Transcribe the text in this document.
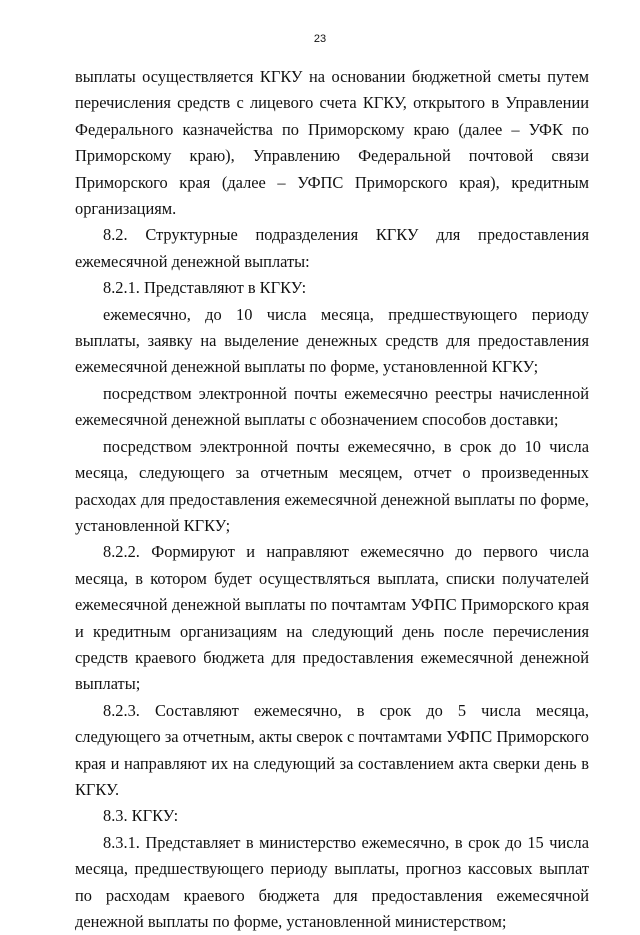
23

выплаты осуществляется КГКУ на основании бюджетной сметы путем перечисления средств с лицевого счета КГКУ, открытого в Управлении Федерального казначейства по Приморскому краю (далее – УФК по Приморскому краю), Управлению Федеральной почтовой связи Приморского края (далее – УФПС Приморского края), кредитным организациям.

8.2. Структурные подразделения КГКУ для предоставления ежемесячной денежной выплаты:

8.2.1. Представляют в КГКУ:

ежемесячно, до 10 числа месяца, предшествующего периоду выплаты, заявку на выделение денежных средств для предоставления ежемесячной денежной выплаты по форме, установленной КГКУ;

посредством электронной почты ежемесячно реестры начисленной ежемесячной денежной выплаты с обозначением способов доставки;

посредством электронной почты ежемесячно, в срок до 10 числа месяца, следующего за отчетным месяцем, отчет о произведенных расходах для предоставления ежемесячной денежной выплаты по форме, установленной КГКУ;

8.2.2. Формируют и направляют ежемесячно до первого числа месяца, в котором будет осуществляться выплата, списки получателей ежемесячной денежной выплаты по почтамтам УФПС Приморского края и кредитным организациям на следующий день после перечисления средств краевого бюджета для предоставления ежемесячной денежной выплаты;

8.2.3. Составляют ежемесячно, в срок до 5 числа месяца, следующего за отчетным, акты сверок с почтамтами УФПС Приморского края и направляют их на следующий за составлением акта сверки день в КГКУ.

8.3. КГКУ:

8.3.1. Представляет в министерство ежемесячно, в срок до 15 числа месяца, предшествующего периоду выплаты, прогноз кассовых выплат по расходам краевого бюджета для предоставления ежемесячной денежной выплаты по форме, установленной министерством;
